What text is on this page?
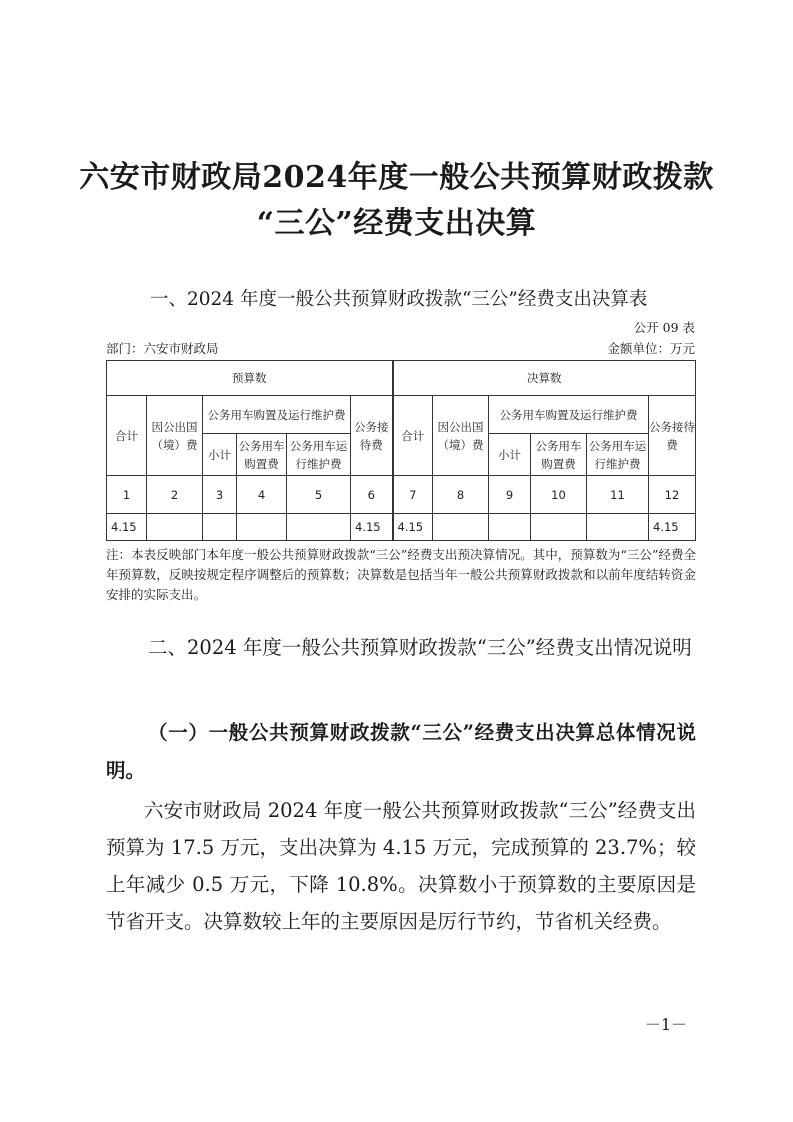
六安市财政局2024年度一般公共预算财政拨款
“三公”经费支出决算
一、2024 年度一般公共预算财政拨款“三公”经费支出决算表
公开 09 表
部门：六安市财政局	金额单位：万元
预算数						决算数					
合计	因公出国（境）费	公务用车购置及运行维护费			公务接待费	合计	因公出国（境）费	公务用车购置及运行维护费			公务接待费
		小计	公务用车购置费	公务用车运行维护费				小计	公务用车购置费	公务用车运行维护费	
1	2	3	4	5	6	7	8	9	10	11	12
4.15					4.15	4.15					4.15
注：本表反映部门本年度一般公共预算财政拨款“三公”经费支出预决算情况。其中，预算数为“三公”经费全年预算数，反映按规定程序调整后的预算数；决算数是包括当年一般公共预算财政拨款和以前年度结转资金安排的实际支出。
二、2024 年度一般公共预算财政拨款“三公”经费支出情况说明
（一）一般公共预算财政拨款“三公”经费支出决算总体情况说明。
六安市财政局 2024 年度一般公共预算财政拨款“三公”经费支出预算为 17.5 万元，支出决算为 4.15 万元，完成预算的 23.7%；较上年减少 0.5 万元，下降 10.8%。决算数小于预算数的主要原因是节省开支。决算数较上年的主要原因是厉行节约，节省机关经费。
－1－
